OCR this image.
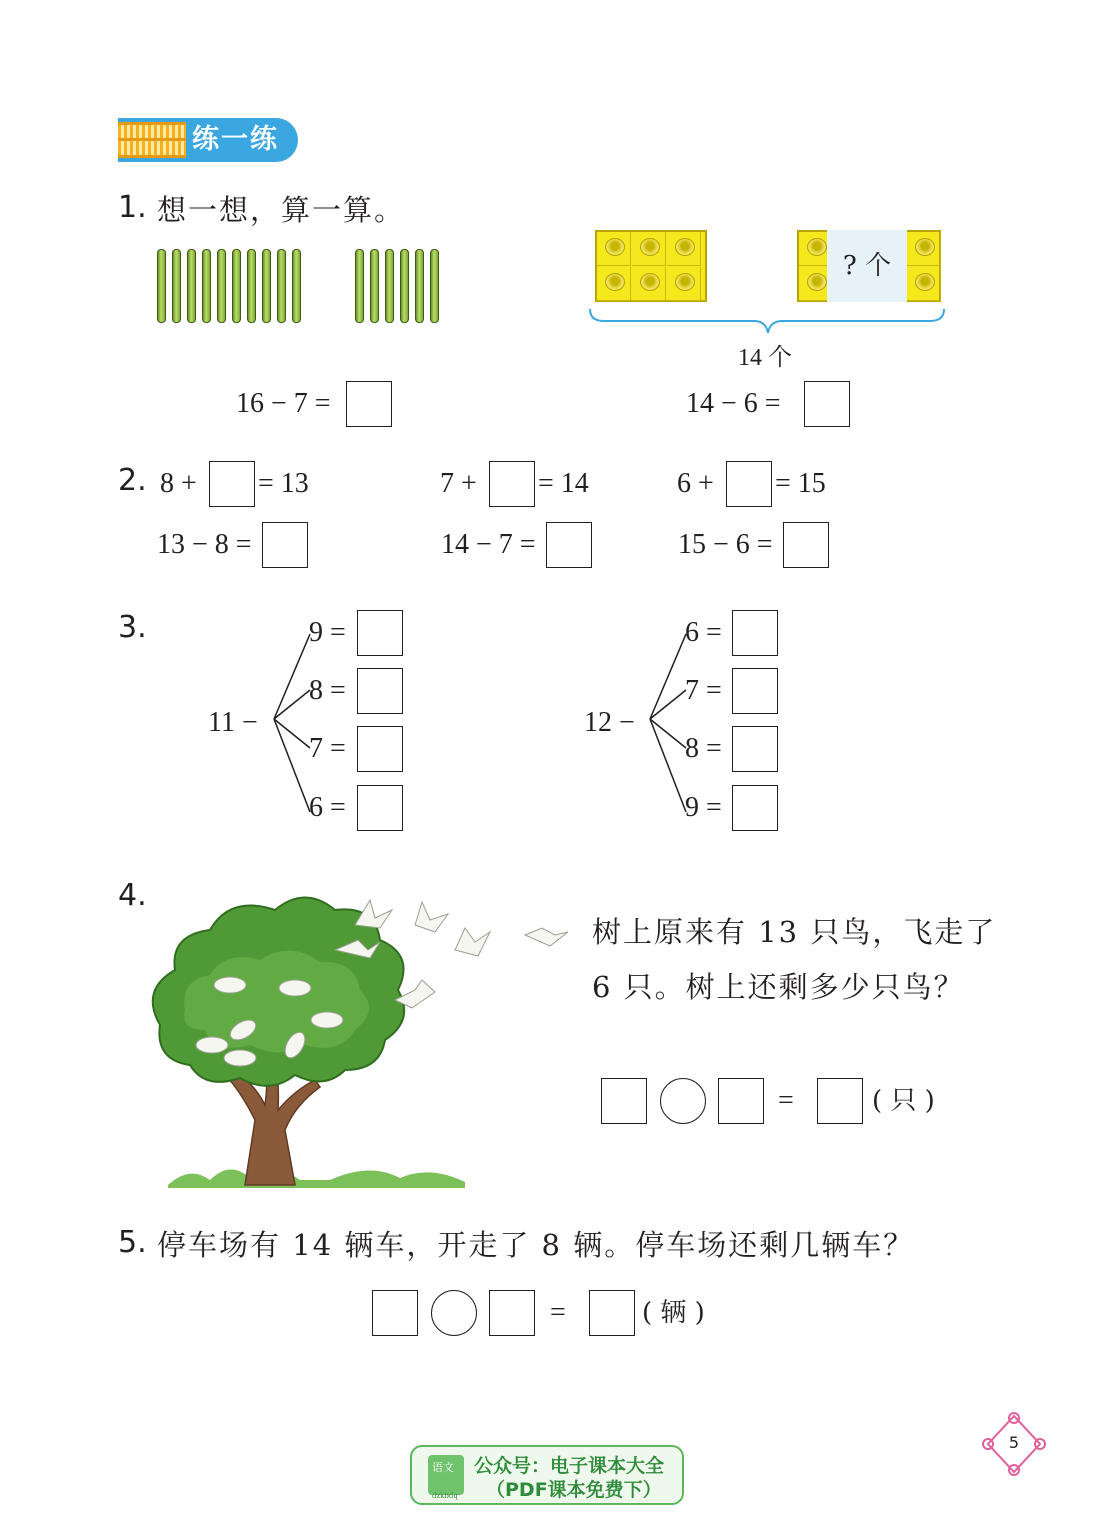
练一练
1. 想一想，算一算。
? 个
14 个
16 − 7 =	14 − 6 =
2. 8 + = 13	7 + = 14	6 + = 15
13 − 8 =	14 − 7 =	15 − 6 =
3.
11 −
9 =
8 =
7 =
6 =
12 −
6 =
7 =
8 =
9 =
4.
树上原来有 13 只鸟，飞走了
6 只。树上还剩多少只鸟？
=	( 只 )
5. 停车场有 14 辆车，开走了 8 辆。停车场还剩几辆车？
=	( 辆 )
语文
dzkbdq
公众号：电子课本大全
（PDF课本免费下）
5
